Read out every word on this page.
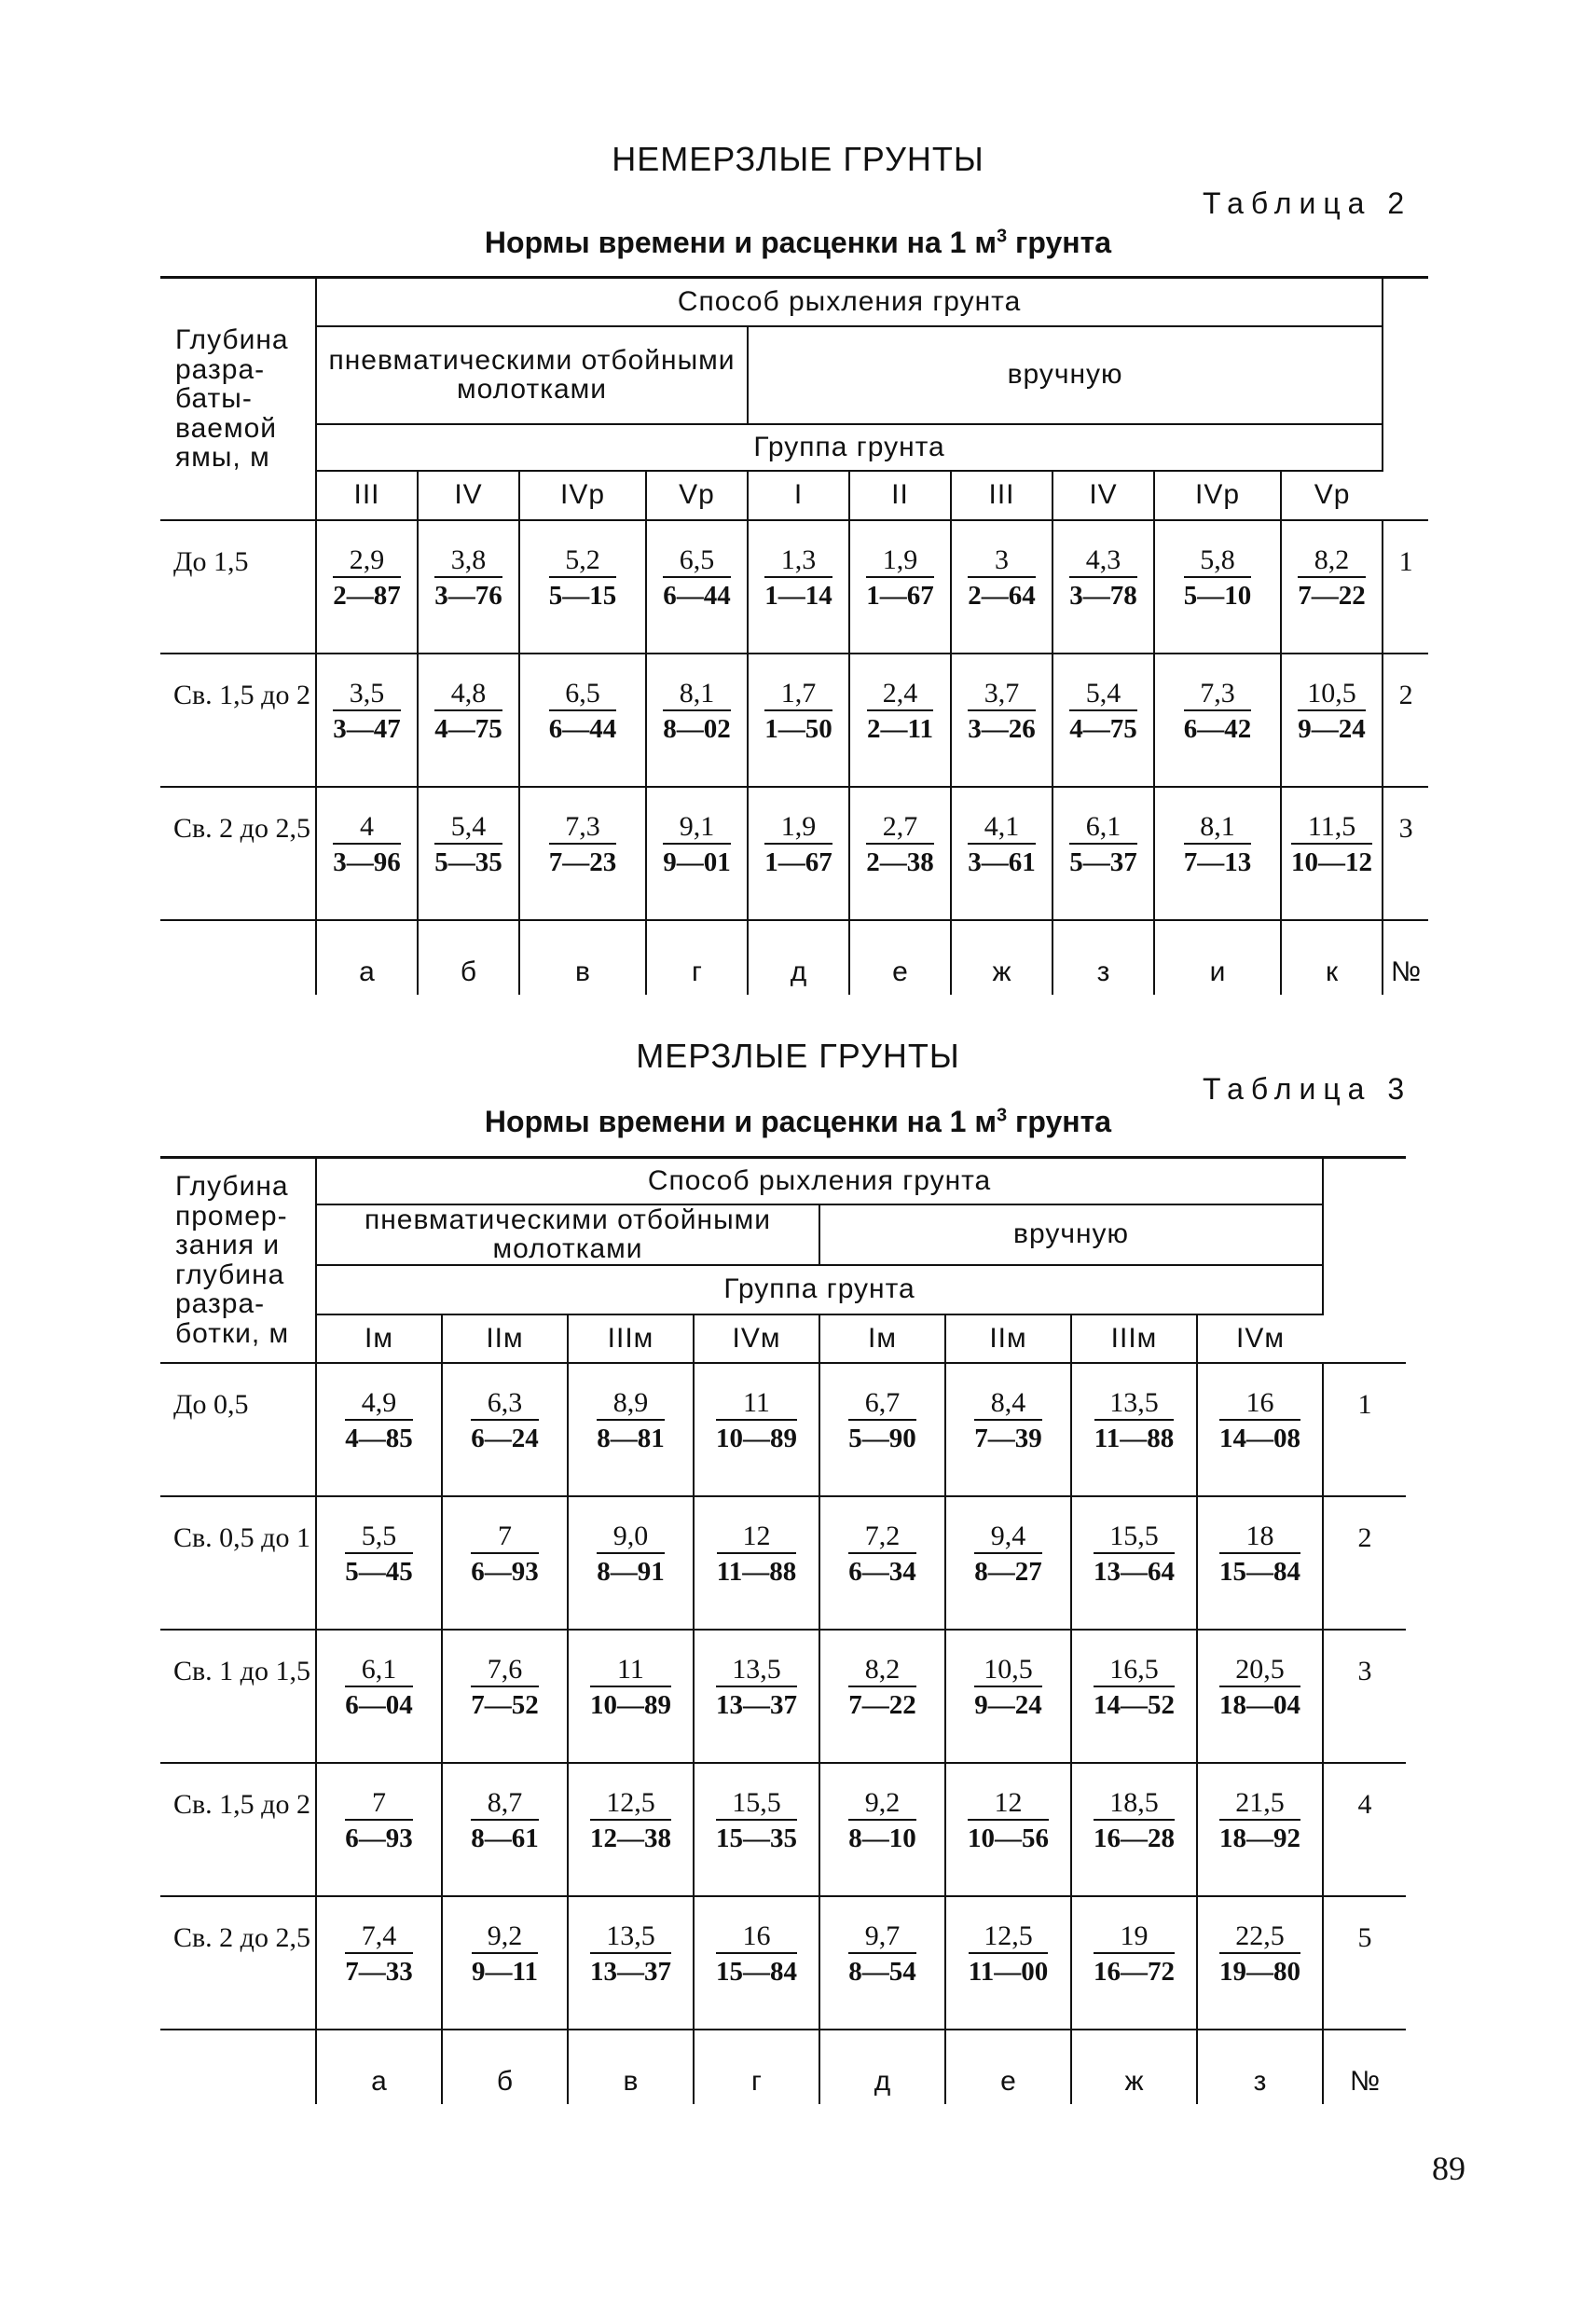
НЕМЕРЗЛЫЕ ГРУНТЫ
Таблица 2
Нормы времени и расценки на 1 $м^3$ грунта
Глубина разра-баты-ваемой ямы, м	Способ рыхления грунта										
	пневматическими отбойными молотками				вручную						
	Группа грунта										
	III	IV	IVр	Vр	I	II	III	IV	IVр	Vр	
До 1,5	$\frac{2,9}{2—87}$	$\frac{3,8}{3—76}$	$\frac{5,2}{5—15}$	$\frac{6,5}{6—44}$	$\frac{1,3}{1—14}$	$\frac{1,9}{1—67}$	$\frac{3}{2—64}$	$\frac{4,3}{3—78}$	$\frac{5,8}{5—10}$	$\frac{8,2}{7—22}$	1
Св. 1,5 до 2	$\frac{3,5}{3—47}$	$\frac{4,8}{4—75}$	$\frac{6,5}{6—44}$	$\frac{8,1}{8—02}$	$\frac{1,7}{1—50}$	$\frac{2,4}{2—11}$	$\frac{3,7}{3—26}$	$\frac{5,4}{4—75}$	$\frac{7,3}{6—42}$	$\frac{10,5}{9—24}$	2
Св. 2 до 2,5	$\frac{4}{3—96}$	$\frac{5,4}{5—35}$	$\frac{7,3}{7—23}$	$\frac{9,1}{9—01}$	$\frac{1,9}{1—67}$	$\frac{2,7}{2—38}$	$\frac{4,1}{3—61}$	$\frac{6,1}{5—37}$	$\frac{8,1}{7—13}$	$\frac{11,5}{10—12}$	3
	а	б	в	г	д	е	ж	з	и	к	№
МЕРЗЛЫЕ ГРУНТЫ
Таблица 3
Нормы времени и расценки на 1 $м^3$ грунта
Глубина промер-зания и глубина разра-ботки, м	Способ рыхления грунта								
	пневматическими отбойными молотками				вручную				
	Группа грунта								
	Iм	IIм	IIIм	IVм	Iм	IIм	IIIм	IVм	
До 0,5	$\frac{4,9}{4—85}$	$\frac{6,3}{6—24}$	$\frac{8,9}{8—81}$	$\frac{11}{10—89}$	$\frac{6,7}{5—90}$	$\frac{8,4}{7—39}$	$\frac{13,5}{11—88}$	$\frac{16}{14—08}$	1
Св. 0,5 до 1	$\frac{5,5}{5—45}$	$\frac{7}{6—93}$	$\frac{9,0}{8—91}$	$\frac{12}{11—88}$	$\frac{7,2}{6—34}$	$\frac{9,4}{8—27}$	$\frac{15,5}{13—64}$	$\frac{18}{15—84}$	2
Св. 1 до 1,5	$\frac{6,1}{6—04}$	$\frac{7,6}{7—52}$	$\frac{11}{10—89}$	$\frac{13,5}{13—37}$	$\frac{8,2}{7—22}$	$\frac{10,5}{9—24}$	$\frac{16,5}{14—52}$	$\frac{20,5}{18—04}$	3
Св. 1,5 до 2	$\frac{7}{6—93}$	$\frac{8,7}{8—61}$	$\frac{12,5}{12—38}$	$\frac{15,5}{15—35}$	$\frac{9,2}{8—10}$	$\frac{12}{10—56}$	$\frac{18,5}{16—28}$	$\frac{21,5}{18—92}$	4
Св. 2 до 2,5	$\frac{7,4}{7—33}$	$\frac{9,2}{9—11}$	$\frac{13,5}{13—37}$	$\frac{16}{15—84}$	$\frac{9,7}{8—54}$	$\frac{12,5}{11—00}$	$\frac{19}{16—72}$	$\frac{22,5}{19—80}$	5
	а	б	в	г	д	е	ж	з	№
89
